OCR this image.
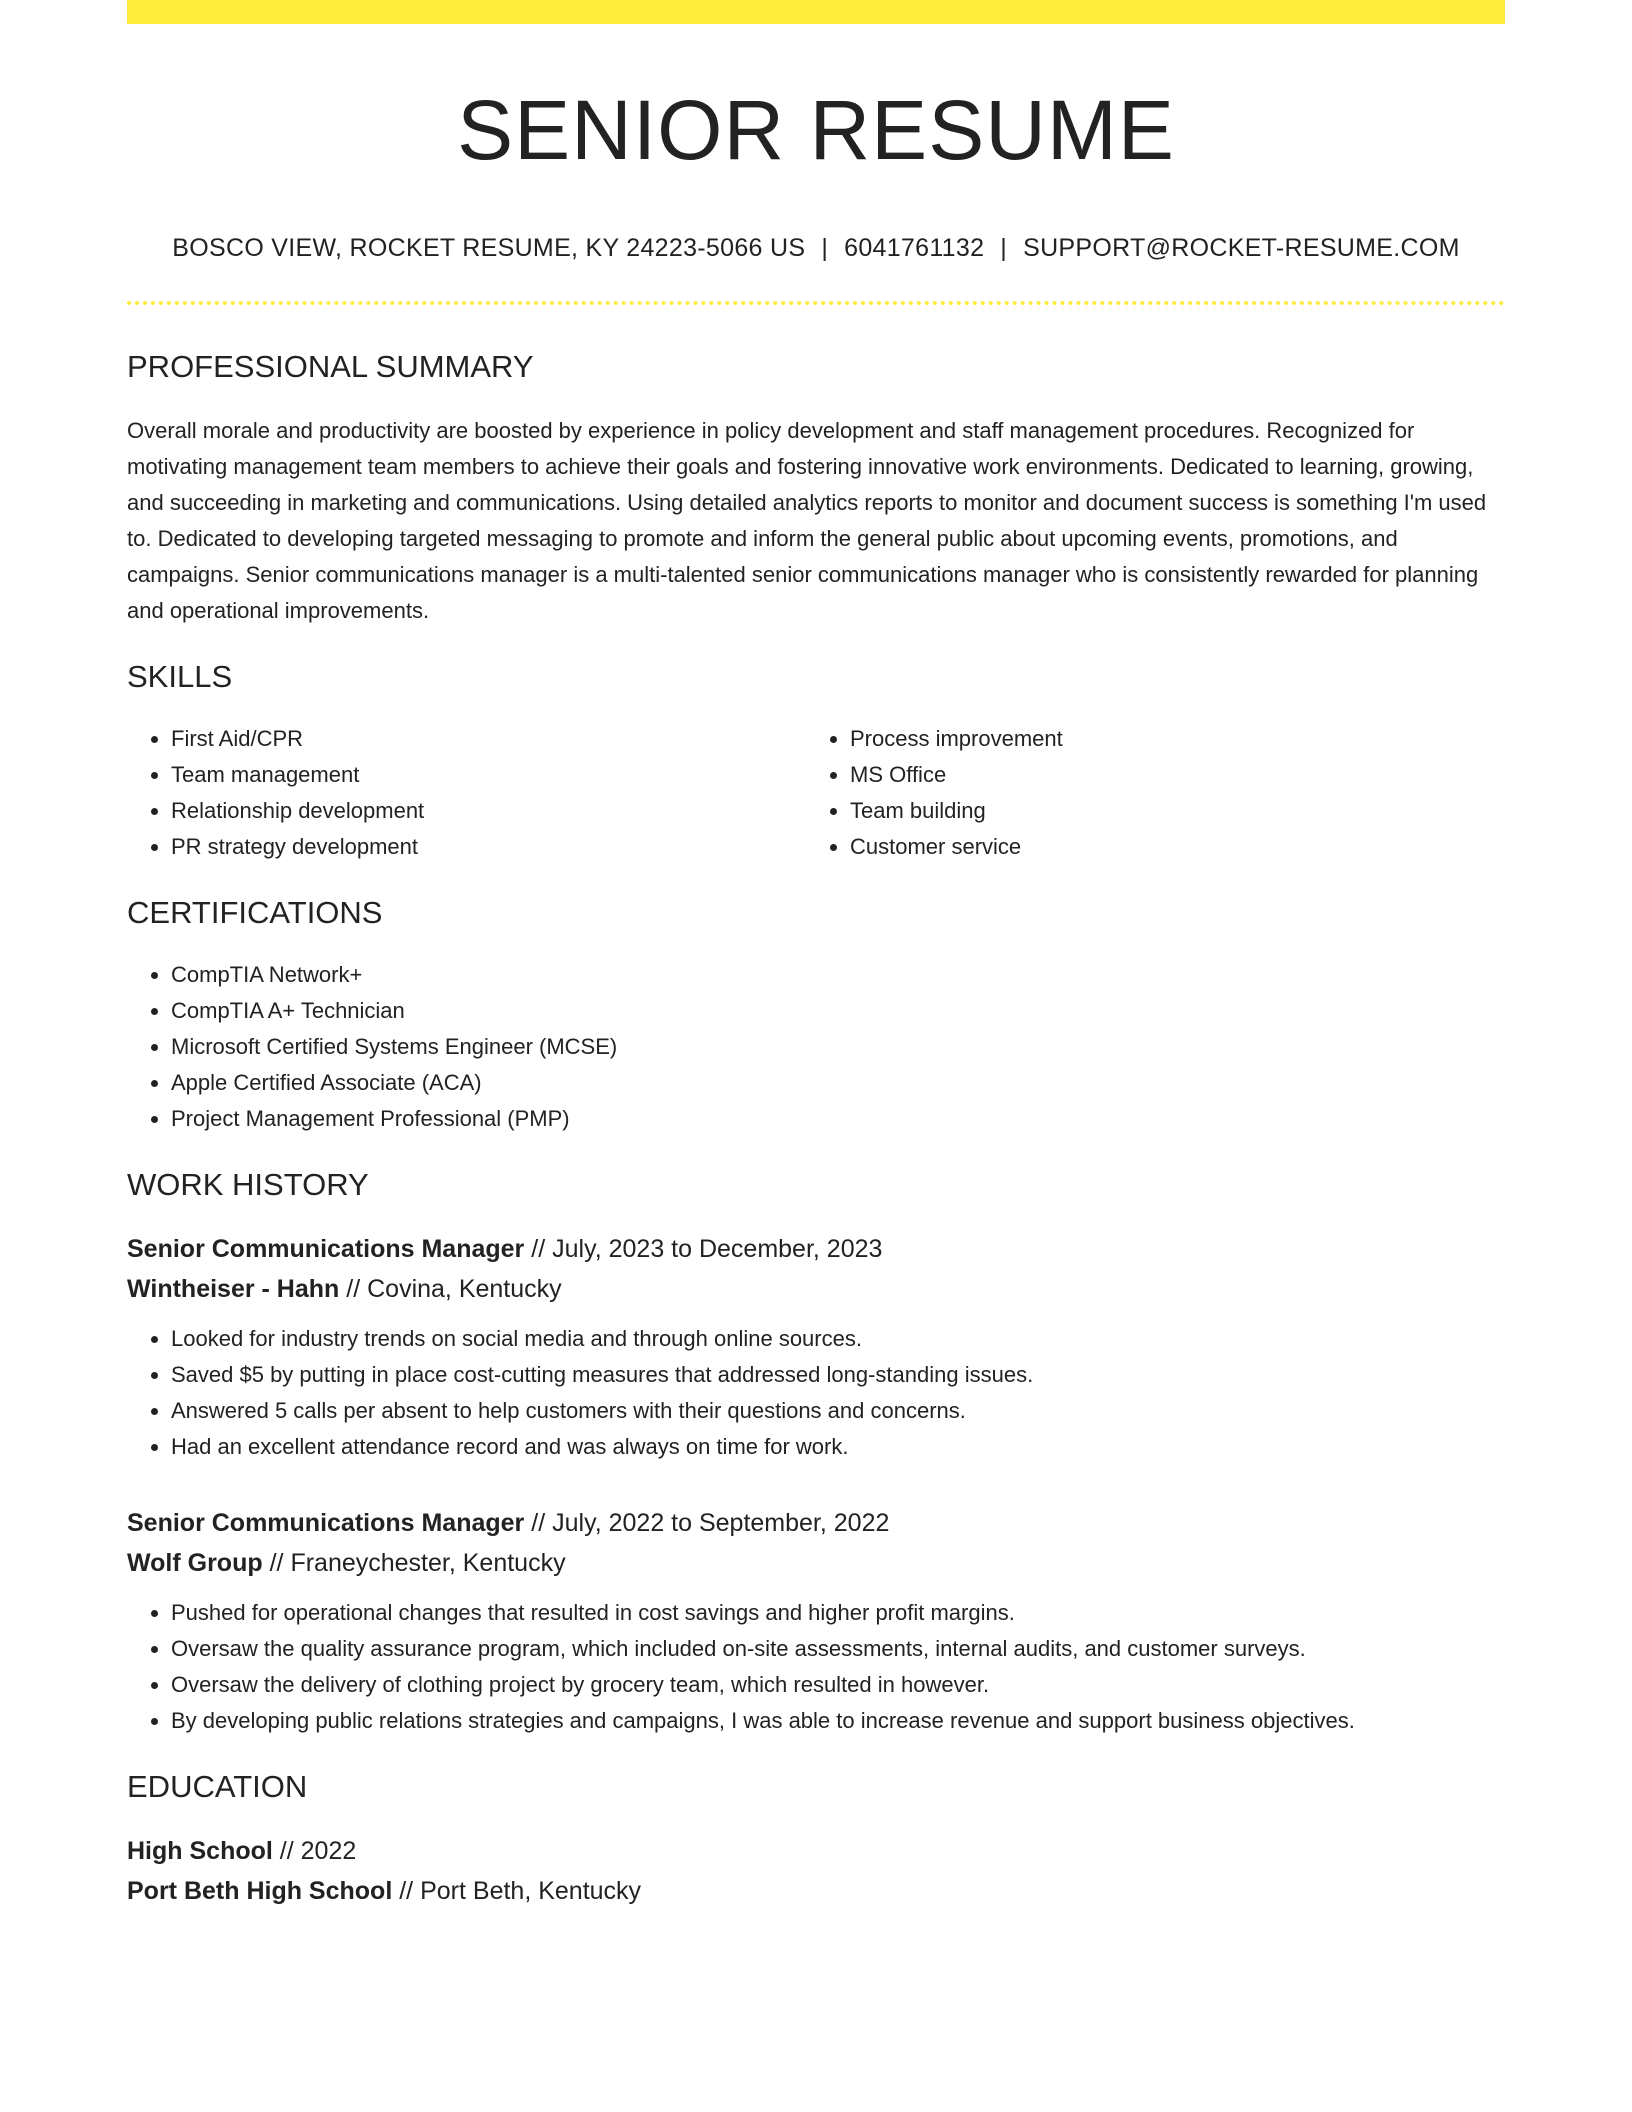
SENIOR RESUME
BOSCO VIEW, ROCKET RESUME, KY 24223-5066 US | 6041761132 | SUPPORT@ROCKET-RESUME.COM
PROFESSIONAL SUMMARY
Overall morale and productivity are boosted by experience in policy development and staff management procedures. Recognized for motivating management team members to achieve their goals and fostering innovative work environments. Dedicated to learning, growing, and succeeding in marketing and communications. Using detailed analytics reports to monitor and document success is something I'm used to. Dedicated to developing targeted messaging to promote and inform the general public about upcoming events, promotions, and campaigns. Senior communications manager is a multi-talented senior communications manager who is consistently rewarded for planning and operational improvements.
SKILLS
• First Aid/CPR
• Team management
• Relationship development
• PR strategy development
• Process improvement
• MS Office
• Team building
• Customer service
CERTIFICATIONS
• CompTIA Network+
• CompTIA A+ Technician
• Microsoft Certified Systems Engineer (MCSE)
• Apple Certified Associate (ACA)
• Project Management Professional (PMP)
WORK HISTORY
Senior Communications Manager // July, 2023 to December, 2023
Wintheiser - Hahn // Covina, Kentucky
• Looked for industry trends on social media and through online sources.
• Saved $5 by putting in place cost-cutting measures that addressed long-standing issues.
• Answered 5 calls per absent to help customers with their questions and concerns.
• Had an excellent attendance record and was always on time for work.
Senior Communications Manager // July, 2022 to September, 2022
Wolf Group // Franeychester, Kentucky
• Pushed for operational changes that resulted in cost savings and higher profit margins.
• Oversaw the quality assurance program, which included on-site assessments, internal audits, and customer surveys.
• Oversaw the delivery of clothing project by grocery team, which resulted in however.
• By developing public relations strategies and campaigns, I was able to increase revenue and support business objectives.
EDUCATION
High School // 2022
Port Beth High School // Port Beth, Kentucky
